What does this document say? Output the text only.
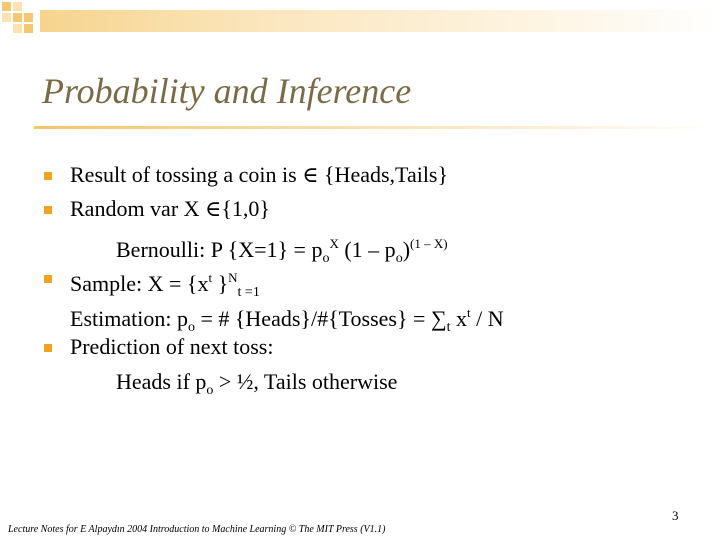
Probability and Inference
Result of tossing a coin is ∈ {Heads,Tails}
Random var X ∈{1,0}
Bernoulli: P $\{X=1\} = p_o^X$ $(1 - p_o)^{(1 - X)}$
Sample: $X = \{x^t$ }$^N_{t =1}$
Estimation: $p_o$ = # {Heads}/#{Tosses} = $\sum_t$ $x^t$ / N
Prediction of next toss:
Heads if $p_o$ > ½, Tails otherwise
3
Lecture Notes for E Alpaydın 2004 Introduction to Machine Learning © The MIT Press (V1.1)
